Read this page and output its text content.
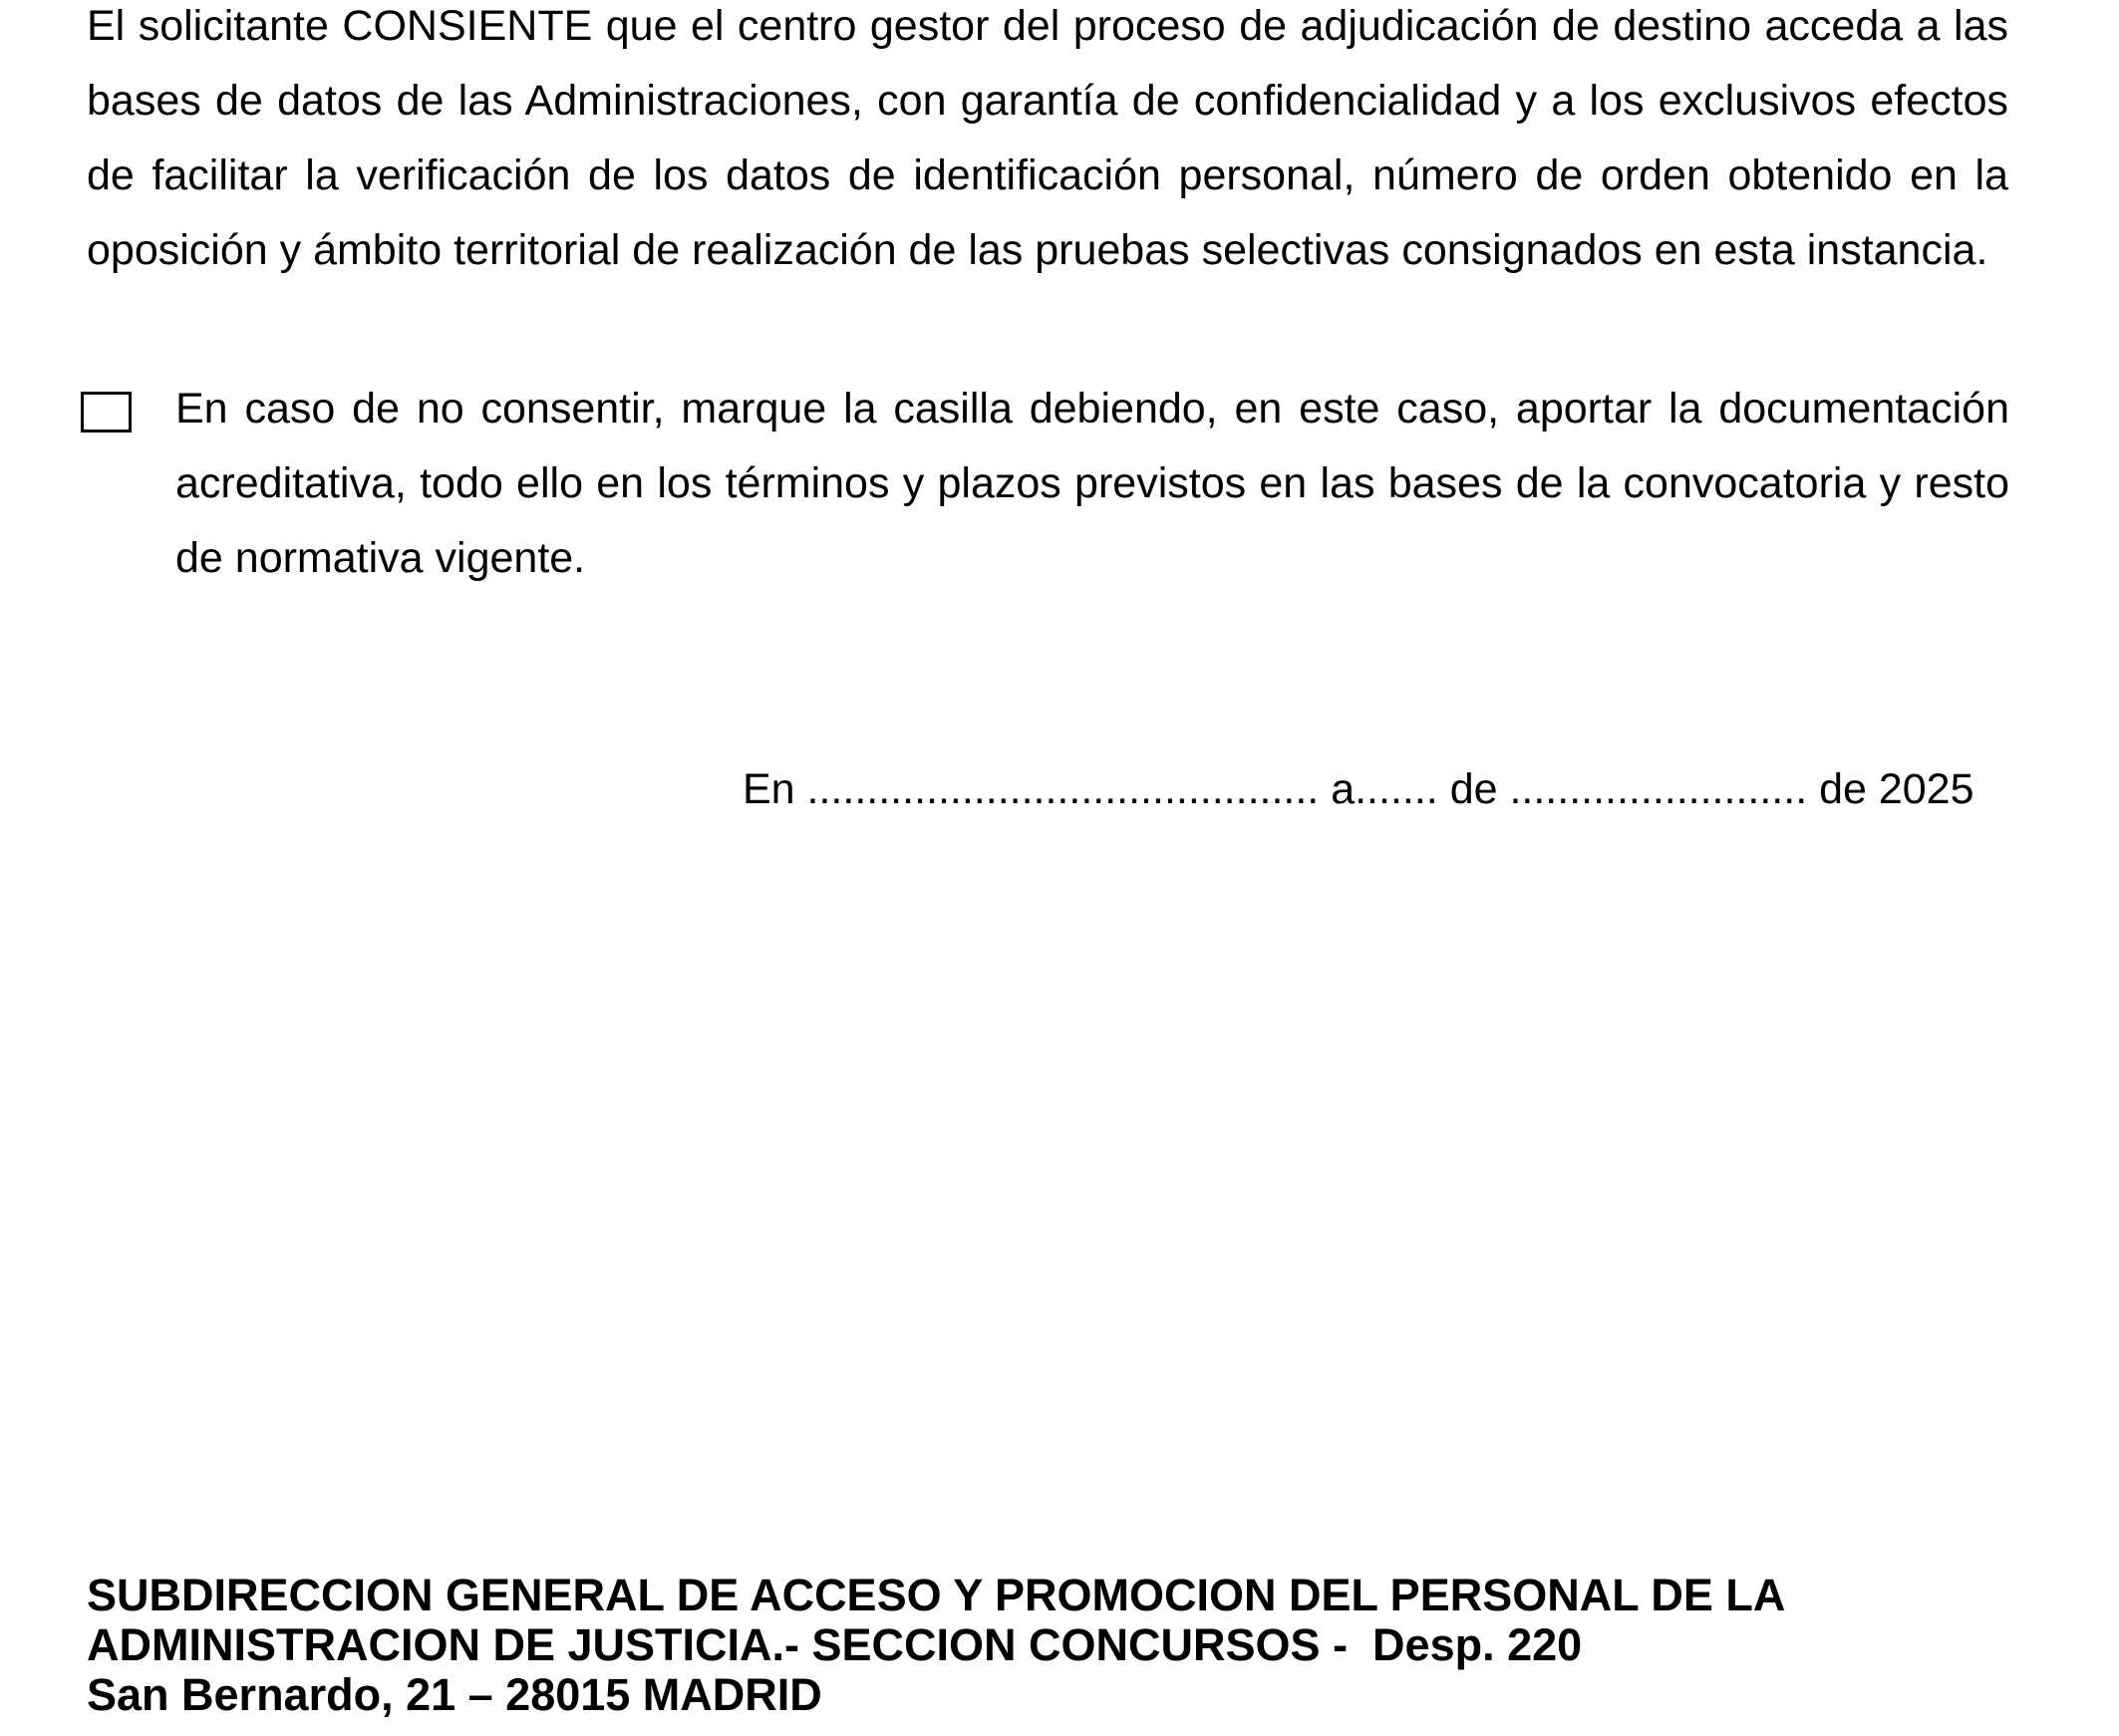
El solicitante CONSIENTE que el centro gestor del proceso de adjudicación de destino acceda a las
bases de datos de las Administraciones, con garantía de confidencialidad y a los exclusivos efectos
de facilitar la verificación de los datos de identificación personal, número de orden obtenido en la
oposición y ámbito territorial de realización de las pruebas selectivas consignados en esta instancia.
En caso de no consentir, marque la casilla debiendo, en este caso, aportar la documentación
acreditativa, todo ello en los términos y plazos previstos en las bases de la convocatoria y resto
de normativa vigente.
En ........................................... a....... de ......................... de 2025
SUBDIRECCION GENERAL DE ACCESO Y PROMOCION DEL PERSONAL DE LA
ADMINISTRACION DE JUSTICIA.- SECCION CONCURSOS -  Desp. 220
San Bernardo, 21 – 28015 MADRID
